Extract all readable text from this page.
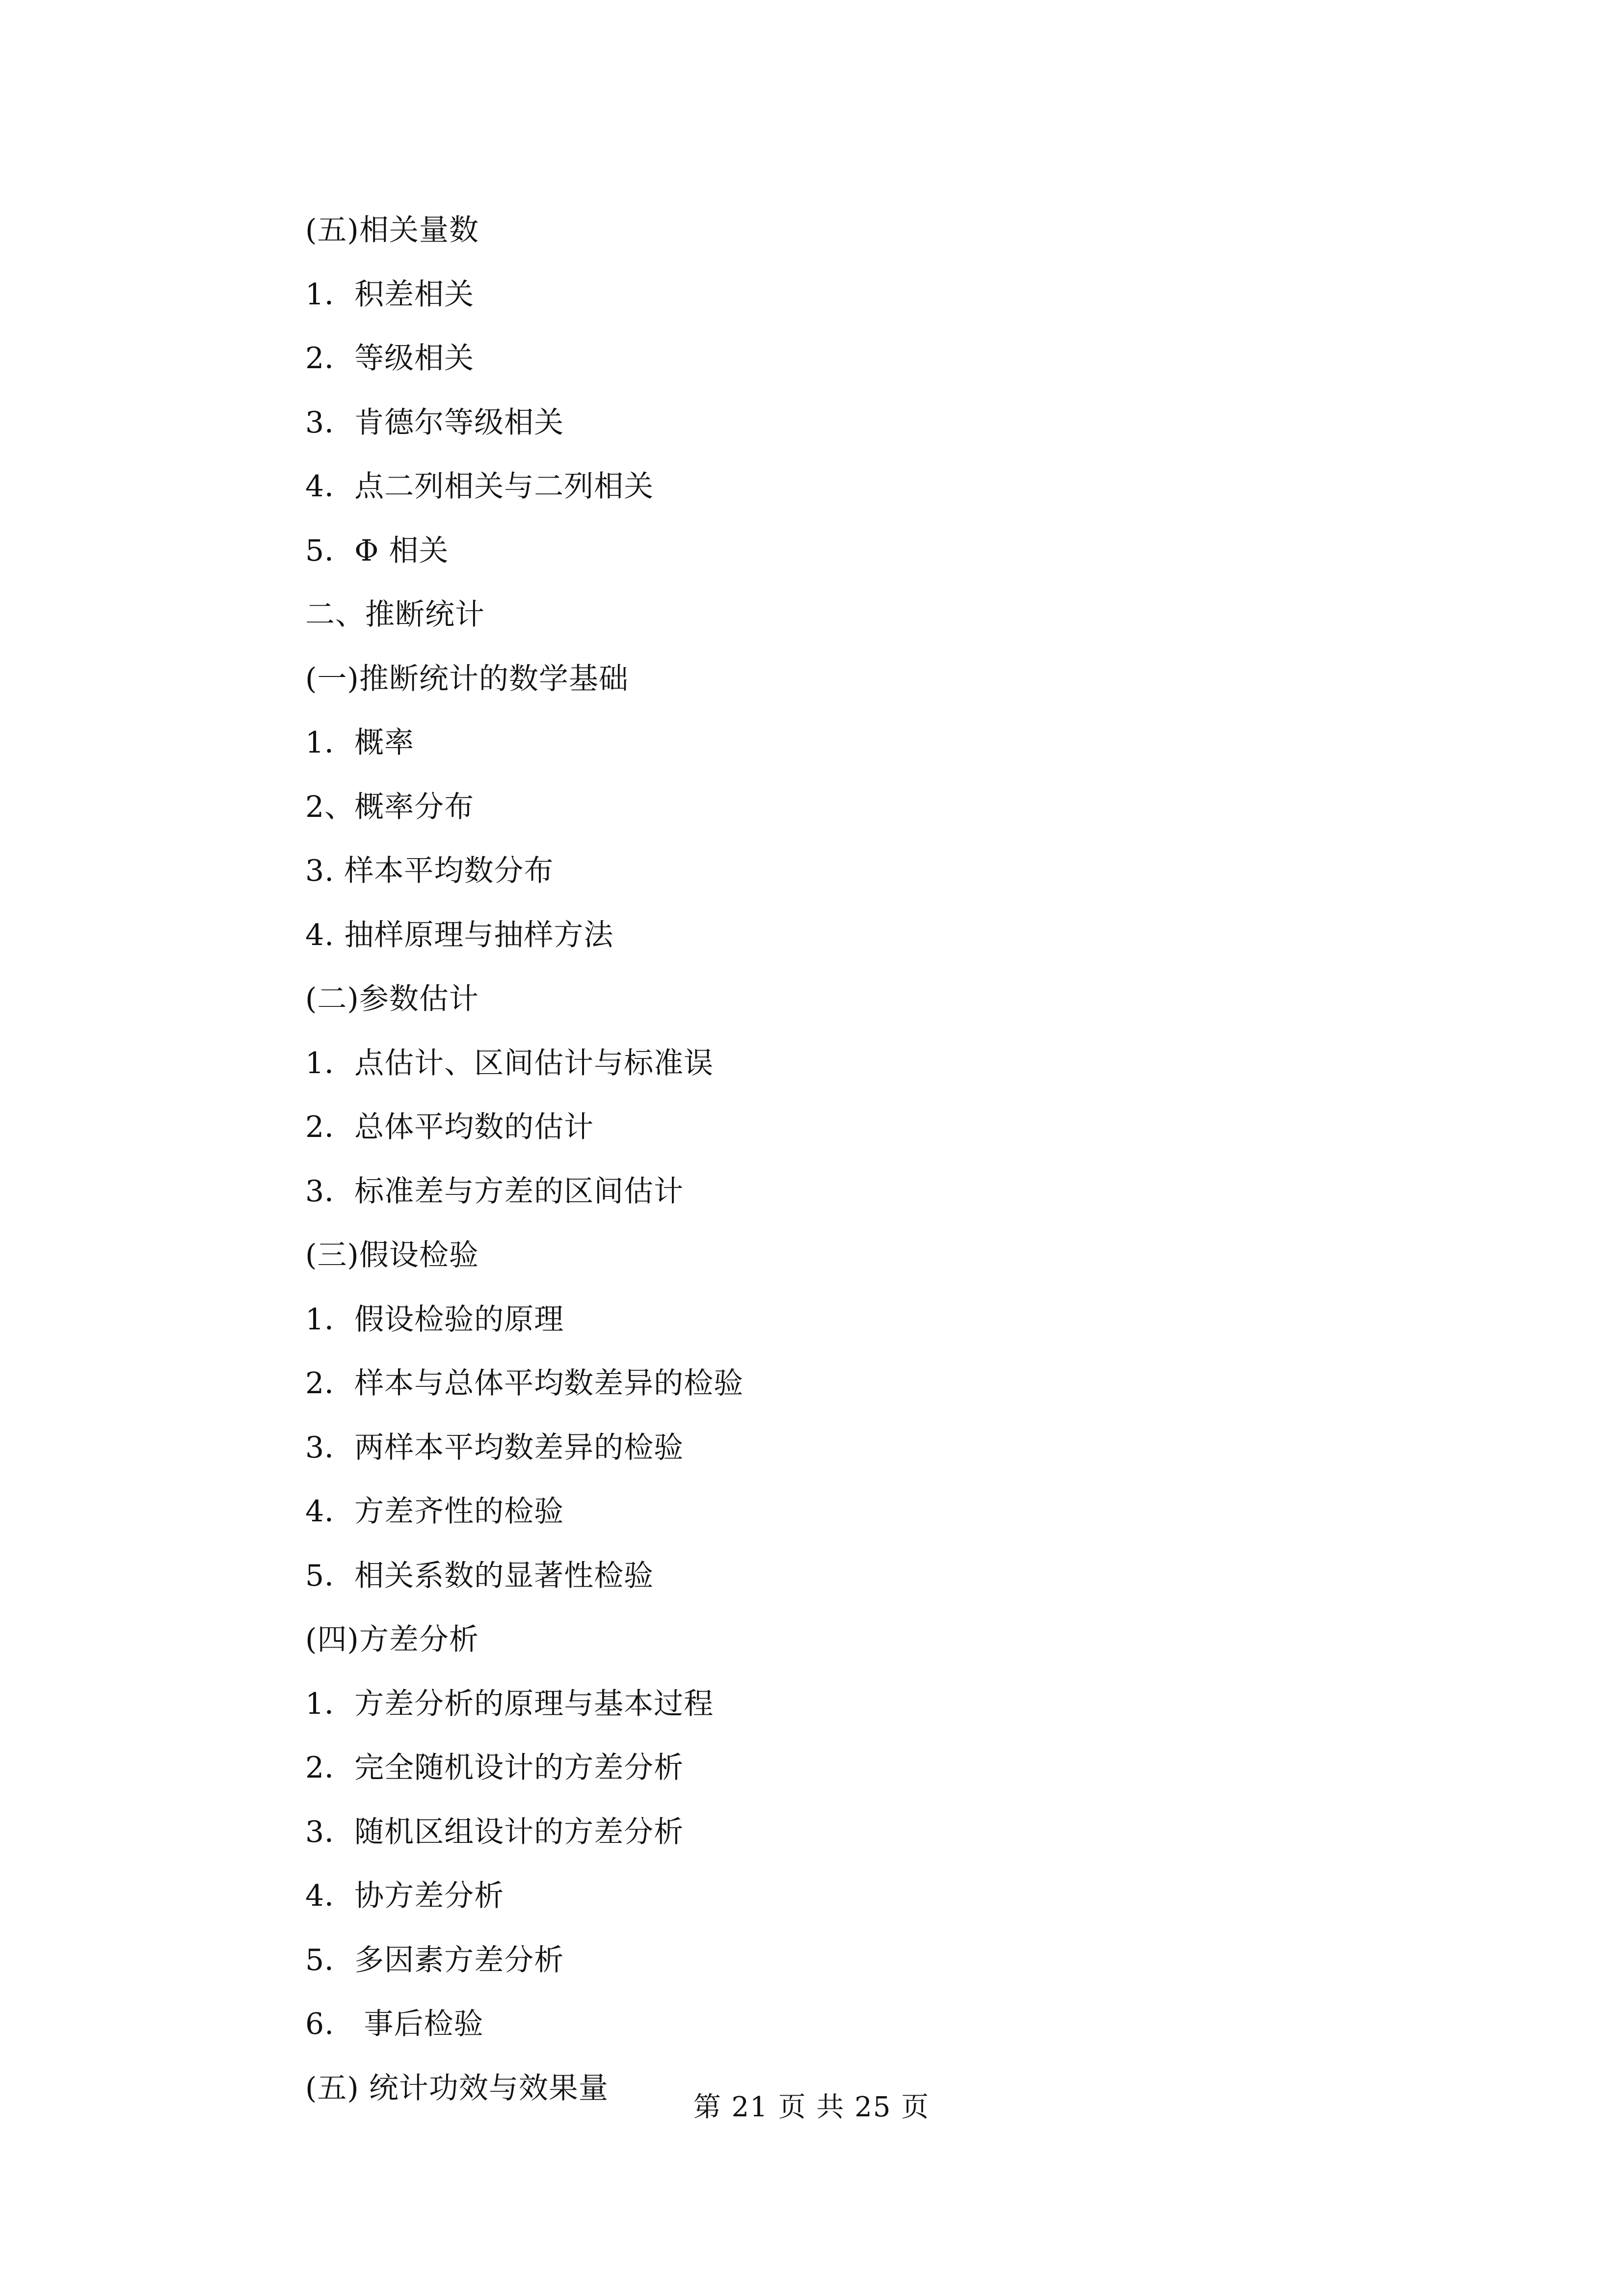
(五)相关量数
1．积差相关
2．等级相关
3．肯德尔等级相关
4．点二列相关与二列相关
5．Φ 相关
二、推断统计
(一)推断统计的数学基础
1．概率
2、概率分布
3. 样本平均数分布
4. 抽样原理与抽样方法
(二)参数估计
1．点估计、区间估计与标准误
2．总体平均数的估计
3．标准差与方差的区间估计
(三)假设检验
1．假设检验的原理
2．样本与总体平均数差异的检验
3．两样本平均数差异的检验
4．方差齐性的检验
5．相关系数的显著性检验
(四)方差分析
1．方差分析的原理与基本过程
2．完全随机设计的方差分析
3．随机区组设计的方差分析
4．协方差分析
5．多因素方差分析
6.   事后检验
(五) 统计功效与效果量
第 21 页 共 25 页
